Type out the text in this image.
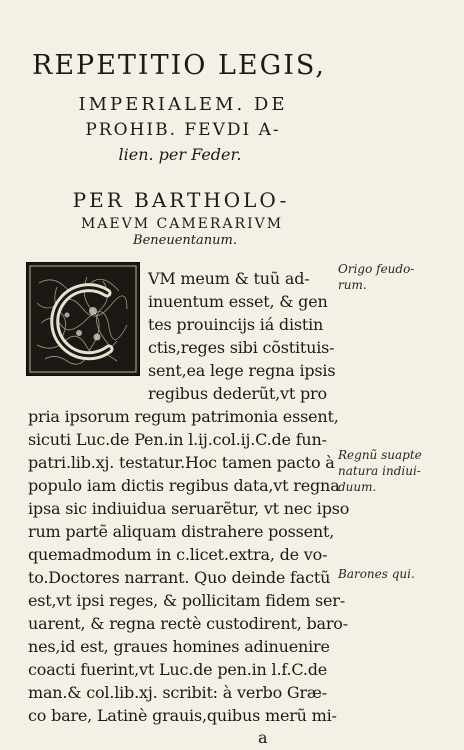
REPETITIO LEGIS,
IMPERIALEM. DE
PROHIB. FEVDI A-
lien. per Feder.
PER BARTHOLO-
MAEVM CAMERARIVM
Beneuentanum.
VM meum & tuũ ad-
inuentum esset, & gen
tes prouincijs iá distin
ctis,reges sibi cõstituis-
sent,ea lege regna ipsis
regibus dederũt,vt pro
pria ipsorum regum patrimonia essent,
sicuti Luc.de Pen.in l.ij.col.ij.C.de fun-
patri.lib.xj. testatur.Hoc tamen pacto à
populo iam dictis regibus data,vt regna
ipsa sic indiuidua seruarẽtur, vt nec ipso
rum partẽ aliquam distrahere possent,
quemadmodum in c.licet.extra, de vo-
to.Doctores narrant. Quo deinde factũ
est,vt ipsi reges, & pollicitam fidem ser-
uarent, & regna rectè custodirent, baro-
nes,id est, graues homines adinuenire
coacti fuerint,vt Luc.de pen.in l.f.C.de
man.& col.lib.xj. scribit: à verbo Græ-
co bare, Latinè grauis,quibus merũ mi-
Origo feudo-
rum.
Regnũ suapte
natura indiui-
duum.
Barones qui.
a
